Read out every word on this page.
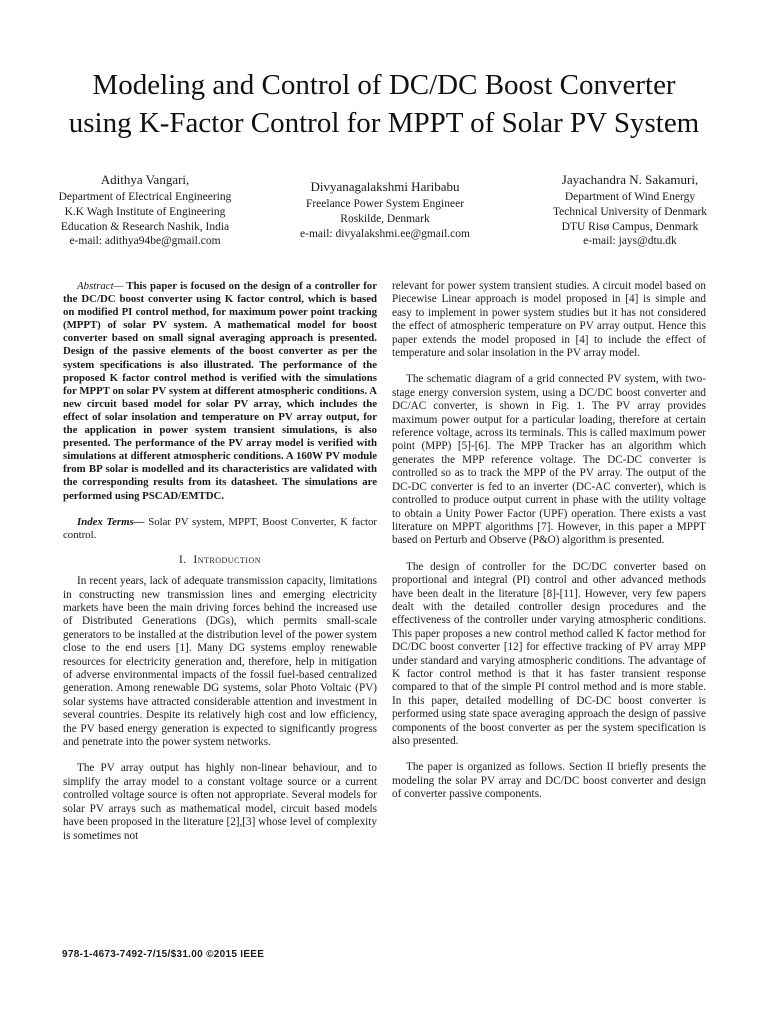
Modeling and Control of DC/DC Boost Converter
using K-Factor Control for MPPT of Solar PV System
Adithya Vangari,
Department of Electrical Engineering
K.K Wagh Institute of Engineering
Education & Research Nashik, India
e-mail: adithya94be@gmail.com
Divyanagalakshmi Haribabu
Freelance Power System Engineer
Roskilde, Denmark
e-mail: divyalakshmi.ee@gmail.com
Jayachandra N. Sakamuri,
Department of Wind Energy
Technical University of Denmark
DTU Risø Campus, Denmark
e-mail: jays@dtu.dk

Abstract— This paper is focused on the design of a controller for the DC/DC boost converter using K factor control, which is based on modified PI control method, for maximum power point tracking (MPPT) of solar PV system. A mathematical model for boost converter based on small signal averaging approach is presented. Design of the passive elements of the boost converter as per the system specifications is also illustrated. The performance of the proposed K factor control method is verified with the simulations for MPPT on solar PV system at different atmospheric conditions. A new circuit based model for solar PV array, which includes the effect of solar insolation and temperature on PV array output, for the application in power system transient simulations, is also presented. The performance of the PV array model is verified with simulations at different atmospheric conditions. A 160W PV module from BP solar is modelled and its characteristics are validated with the corresponding results from its datasheet. The simulations are performed using PSCAD/EMTDC.

Index Terms— Solar PV system, MPPT, Boost Converter, K factor control.

I. Introduction

In recent years, lack of adequate transmission capacity, limitations in constructing new transmission lines and emerging electricity markets have been the main driving forces behind the increased use of Distributed Generations (DGs), which permits small-scale generators to be installed at the distribution level of the power system close to the end users [1]. Many DG systems employ renewable resources for electricity generation and, therefore, help in mitigation of adverse environmental impacts of the fossil fuel-based centralized generation. Among renewable DG systems, solar Photo Voltaic (PV) solar systems have attracted considerable attention and investment in several countries. Despite its relatively high cost and low efficiency, the PV based energy generation is expected to significantly progress and penetrate into the power system networks.

The PV array output has highly non-linear behaviour, and to simplify the array model to a constant voltage source or a current controlled voltage source is often not appropriate. Several models for solar PV arrays such as mathematical model, circuit based models have been proposed in the literature [2],[3] whose level of complexity is sometimes not

relevant for power system transient studies. A circuit model based on Piecewise Linear approach is model proposed in [4] is simple and easy to implement in power system studies but it has not considered the effect of atmospheric temperature on PV array output. Hence this paper extends the model proposed in [4] to include the effect of temperature and solar insolation in the PV array model.

The schematic diagram of a grid connected PV system, with two-stage energy conversion system, using a DC/DC boost converter and DC/AC converter, is shown in Fig. 1. The PV array provides maximum power output for a particular loading, therefore at certain reference voltage, across its terminals. This is called maximum power point (MPP) [5]-[6]. The MPP Tracker has an algorithm which generates the MPP reference voltage. The DC-DC converter is controlled so as to track the MPP of the PV array. The output of the DC-DC converter is fed to an inverter (DC-AC converter), which is controlled to produce output current in phase with the utility voltage to obtain a Unity Power Factor (UPF) operation. There exists a vast literature on MPPT algorithms [7]. However, in this paper a MPPT based on Perturb and Observe (P&O) algorithm is presented.

The design of controller for the DC/DC converter based on proportional and integral (PI) control and other advanced methods have been dealt in the literature [8]-[11]. However, very few papers dealt with the detailed controller design procedures and the effectiveness of the controller under varying atmospheric conditions. This paper proposes a new control method called K factor method for DC/DC boost converter [12] for effective tracking of PV array MPP under standard and varying atmospheric conditions. The advantage of K factor control method is that it has faster transient response compared to that of the simple PI control method and is more stable. In this paper, detailed modelling of DC-DC boost converter is performed using state space averaging approach the design of passive components of the boost converter as per the system specification is also presented.

The paper is organized as follows. Section II briefly presents the modeling the solar PV array and DC/DC boost converter and design of converter passive components.

978-1-4673-7492-7/15/$31.00 ©2015 IEEE
